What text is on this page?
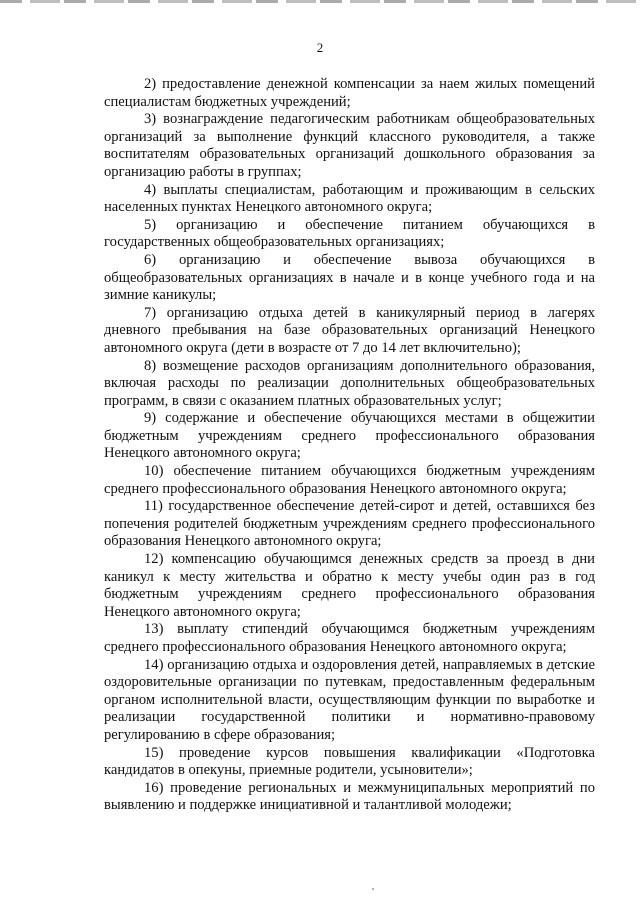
2

2) предоставление денежной компенсации за наем жилых помещений специалистам бюджетных учреждений;

3) вознаграждение педагогическим работникам общеобразовательных организаций за выполнение функций классного руководителя, а также воспитателям образовательных организаций дошкольного образования за организацию работы в группах;

4) выплаты специалистам, работающим и проживающим в сельских населенных пунктах Ненецкого автономного округа;

5) организацию и обеспечение питанием обучающихся в государственных общеобразовательных организациях;

6) организацию и обеспечение вывоза обучающихся в общеобразовательных организациях в начале и в конце учебного года и на зимние каникулы;

7) организацию отдыха детей в каникулярный период в лагерях дневного пребывания на базе образовательных организаций Ненецкого автономного округа (дети в возрасте от 7 до 14 лет включительно);

8) возмещение расходов организациям дополнительного образования, включая расходы по реализации дополнительных общеобразовательных программ, в связи с оказанием платных образовательных услуг;

9) содержание и обеспечение обучающихся местами в общежитии бюджетным учреждениям среднего профессионального образования Ненецкого автономного округа;

10) обеспечение питанием обучающихся бюджетным учреждениям среднего профессионального образования Ненецкого автономного округа;

11) государственное обеспечение детей-сирот и детей, оставшихся без попечения родителей бюджетным учреждениям среднего профессионального образования Ненецкого автономного округа;

12) компенсацию обучающимся денежных средств за проезд в дни каникул к месту жительства и обратно к месту учебы один раз в год бюджетным учреждениям среднего профессионального образования Ненецкого автономного округа;

13) выплату стипендий обучающимся бюджетным учреждениям среднего профессионального образования Ненецкого автономного округа;

14) организацию отдыха и оздоровления детей, направляемых в детские оздоровительные организации по путевкам, предоставленным федеральным органом исполнительной власти, осуществляющим функции по выработке и реализации государственной политики и нормативно-правовому регулированию в сфере образования;

15) проведение курсов повышения квалификации «Подготовка кандидатов в опекуны, приемные родители, усыновители»;

16) проведение региональных и межмуниципальных мероприятий по выявлению и поддержке инициативной и талантливой молодежи;
